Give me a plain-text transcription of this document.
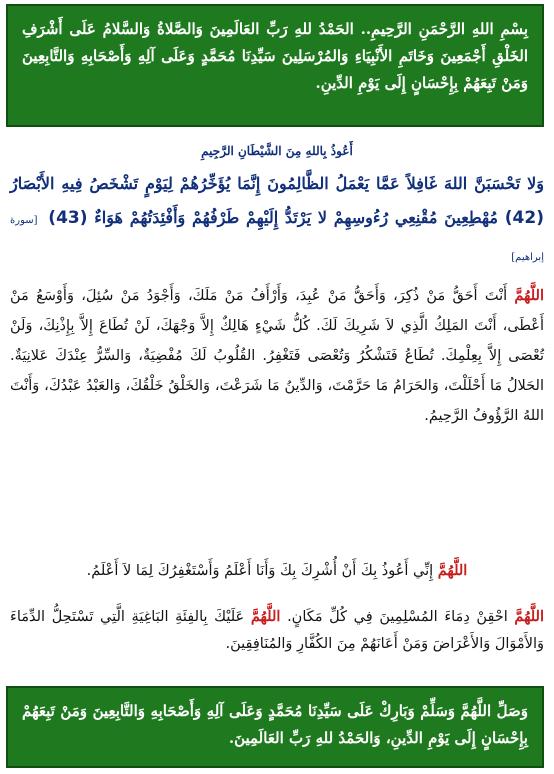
بِسْمِ اللهِ الرَّحْمَنِ الرَّحِيمِ.. الحَمْدُ للهِ رَبِّ العَالَمِينَ وَالصَّلاةُ وَالسَّلامُ عَلَى أَشْرَفِ الخَلْقِ أَجْمَعِينَ وَخَاتَمِ الأَنْبِيَاءِ وَالمُرْسَلِينَ سَيِّدِنَا مُحَمَّدٍ وَعَلَى آلِهِ وَأَصْحَابِهِ وَالتَّابِعِينَ وَمَنْ تَبِعَهُمْ بِإِحْسَانٍ إِلَى يَوْمِ الدِّينِ.
أَعُوذُ بِاللهِ مِنَ الشَّيْطَانِ الرَّجِيمِ
وَلا تَحْسَبَنَّ اللهَ غَافِلاً عَمَّا يَعْمَلُ الظَّالِمُونَ إِنَّمَا يُؤَخِّرُهُمْ لِيَوْمٍ تَشْخَصُ فِيهِ الأَبْصَارُ (42) مُهْطِعِينَ مُقْنِعِي رُءُوسِهِمْ لا يَرْتَدُّ إِلَيْهِمْ طَرْفُهُمْ وَأَفْئِدَتُهُمْ هَوَاءٌ (43) [سورة إبراهيم]
اللَّهُمَّ أَنْتَ أَحَقُّ مَنْ ذُكِرَ، وَأَحَقُّ مَنْ عُبِدَ، وَأَرْأَفُ مَنْ مَلَكَ، وَأَجْوَدُ مَنْ سُئِلَ، وَأَوْسَعُ مَنْ أَعْطَى، أَنْتَ المَلِكُ الَّذِي لاَ شَرِيكَ لَكَ. كُلُّ شَيْءٍ هَالِكٌ إِلاَّ وَجْهَكَ، لَنْ تُطَاعَ إِلاَّ بِإِذْنِكَ، وَلَنْ تُعْصَى إِلاَّ بِعِلْمِكَ. تُطَاعُ فَتَشْكُرُ وَتُعْصَى فَتَغْفِرُ. القُلُوبُ لَكَ مُفْضِيَةٌ، وَالسِّرُّ عِنْدَكَ عَلانِيَةٌ. الحَلالُ مَا أَحْلَلْتَ، وَالحَرَامُ مَا حَرَّمْتَ، وَالدِّينُ مَا شَرَعْتَ، وَالخَلْقُ خَلْقُكَ، وَالعَبْدُ عَبْدُكَ، وَأَنْتَ اللهُ الرَّؤُوفُ الرَّحِيمُ.
اللَّهُمَّ إِنِّي أَعُوذُ بِكَ أَنْ أُشْرِكَ بِكَ وَأَنَا أَعْلَمُ وَأَسْتَغْفِرُكَ لِمَا لاَ أَعْلَمُ.
اللَّهُمَّ احْقِنْ دِمَاءَ المُسْلِمِينَ فِي كُلِّ مَكَانٍ. اللَّهُمَّ عَلَيْكَ بِالفِئَةِ البَاغِيَةِ الَّتِي تَسْتَحِلُّ الدِّمَاءَ وَالأَمْوَالَ وَالأَعْرَاضَ وَمَنْ أَعَانَهُمْ مِنَ الكُفَّارِ وَالمُنَافِقِينَ.
وَصَلِّ اللَّهُمَّ وَسَلِّمْ وَبَارِكْ عَلَى سَيِّدِنَا مُحَمَّدٍ وَعَلَى آلِهِ وَأَصْحَابِهِ وَالتَّابِعِينَ وَمَنْ تَبِعَهُمْ بِإِحْسَانٍ إِلَى يَوْمِ الدِّينِ، وَالحَمْدُ للهِ رَبِّ العَالَمِينَ.
